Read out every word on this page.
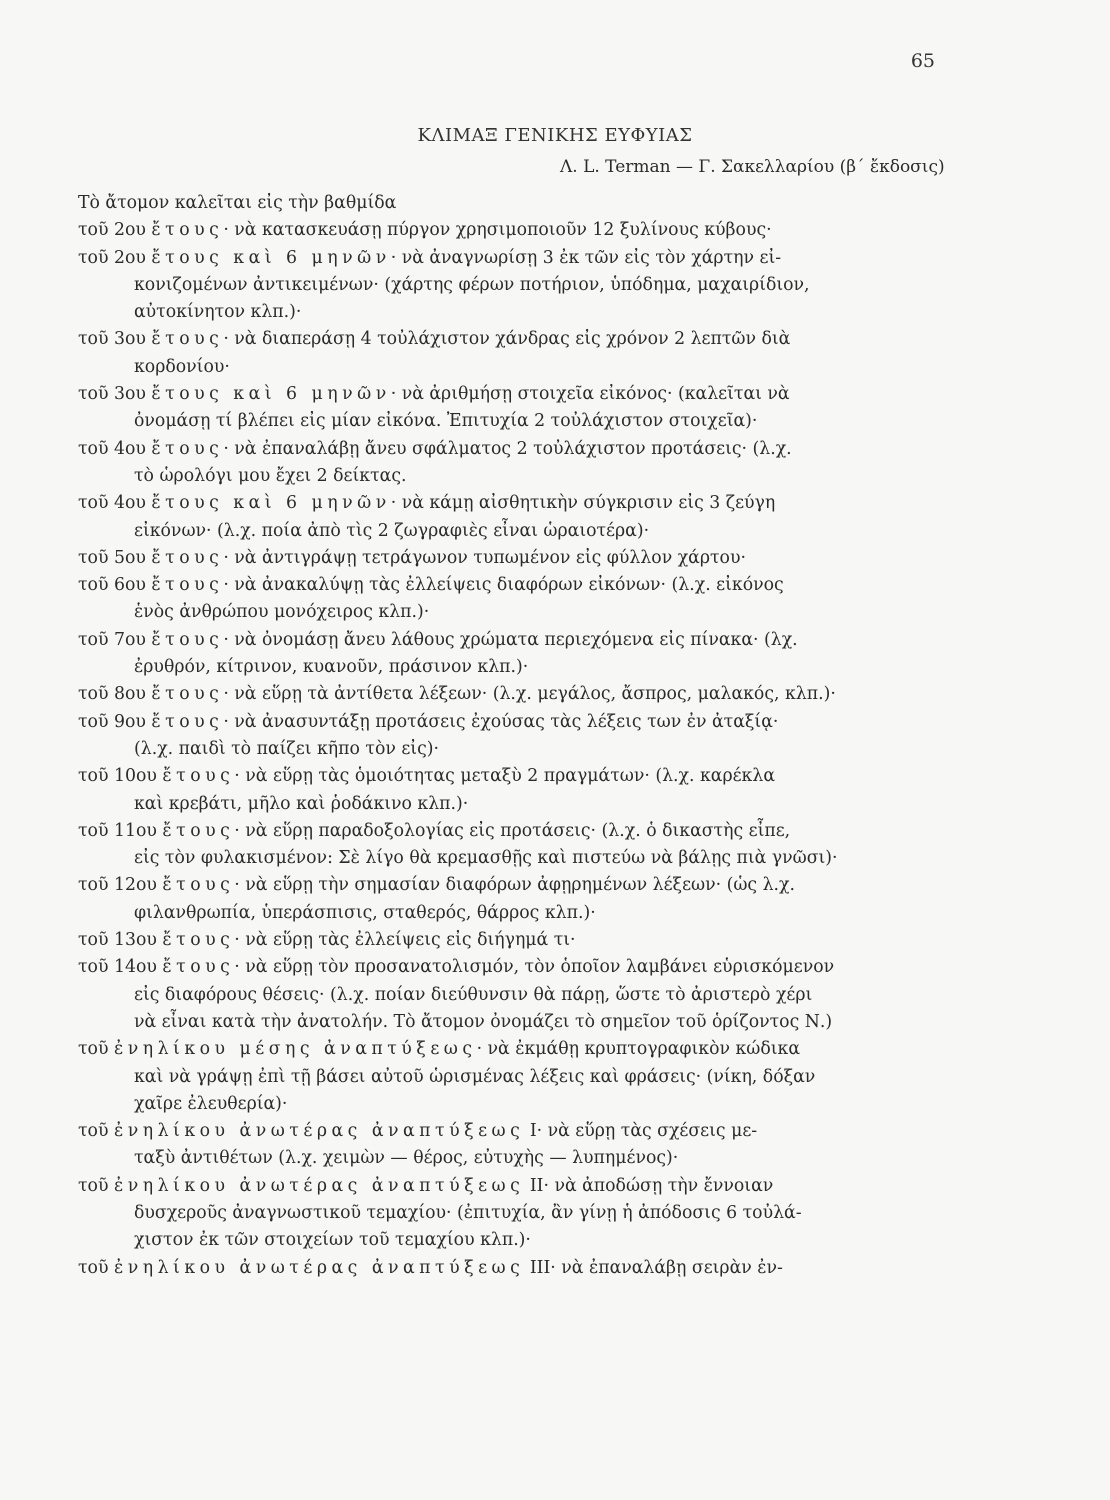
65
ΚΛΙΜΑΞ ΓΕΝΙΚΗΣ ΕΥΦΥΙΑΣ
Λ. L. Terman — Γ. Σακελλαρίου (β΄ ἔκδοσις)
Τὸ ἄτομον καλεῖται εἰς τὴν βαθμίδα
τοῦ 2ου ἔτους· νὰ κατασκευάσῃ πύργον χρησιμοποιοῦν 12 ξυλίνους κύβους·
τοῦ 2ου ἔτους καὶ 6 μηνῶν· νὰ ἀναγνωρίσῃ 3 ἐκ τῶν εἰς τὸν χάρτην εἰ-
κονιζομένων ἀντικειμένων· (χάρτης φέρων ποτήριον, ὑπόδημα, μαχαιρίδιον,
αὐτοκίνητον κλπ.)·
τοῦ 3ου ἔτους· νὰ διαπεράσῃ 4 τοὐλάχιστον χάνδρας εἰς χρόνον 2 λεπτῶν διὰ
κορδονίου·
τοῦ 3ου ἔτους καὶ 6 μηνῶν· νὰ ἀριθμήσῃ στοιχεῖα εἰκόνος· (καλεῖται νὰ
ὀνομάσῃ τί βλέπει εἰς μίαν εἰκόνα. Ἐπιτυχία 2 τοὐλάχιστον στοιχεῖα)·
τοῦ 4ου ἔτους· νὰ ἐπαναλάβῃ ἄνευ σφάλματος 2 τοὐλάχιστον προτάσεις· (λ.χ.
τὸ ὡρολόγι μου ἔχει 2 δείκτας.
τοῦ 4ου ἔτους καὶ 6 μηνῶν· νὰ κάμῃ αἰσθητικὴν σύγκρισιν εἰς 3 ζεύγη
εἰκόνων· (λ.χ. ποία ἀπὸ τὶς 2 ζωγραφιὲς εἶναι ὡραιοτέρα)·
τοῦ 5ου ἔτους· νὰ ἀντιγράψῃ τετράγωνον τυπωμένον εἰς φύλλον χάρτου·
τοῦ 6ου ἔτους· νὰ ἀνακαλύψῃ τὰς ἐλλείψεις διαφόρων εἰκόνων· (λ.χ. εἰκόνος
ἑνὸς ἀνθρώπου μονόχειρος κλπ.)·
τοῦ 7ου ἔτους· νὰ ὀνομάσῃ ἄνευ λάθους χρώματα περιεχόμενα εἰς πίνακα· (λχ.
ἐρυθρόν, κίτρινον, κυανοῦν, πράσινον κλπ.)·
τοῦ 8ου ἔτους· νὰ εὕρῃ τὰ ἀντίθετα λέξεων· (λ.χ. μεγάλος, ἄσπρος, μαλακός, κλπ.)·
τοῦ 9ου ἔτους· νὰ ἀνασυντάξῃ προτάσεις ἐχούσας τὰς λέξεις των ἐν ἀταξίᾳ·
(λ.χ. παιδὶ τὸ παίζει κῆπο τὸν εἰς)·
τοῦ 10ου ἔτους· νὰ εὕρῃ τὰς ὁμοιότητας μεταξὺ 2 πραγμάτων· (λ.χ. καρέκλα
καὶ κρεβάτι, μῆλο καὶ ῥοδάκινο κλπ.)·
τοῦ 11ου ἔτους· νὰ εὕρῃ παραδοξολογίας εἰς προτάσεις· (λ.χ. ὁ δικαστὴς εἶπε,
εἰς τὸν φυλακισμένον: Σὲ λίγο θὰ κρεμασθῇς καὶ πιστεύω νὰ βάλῃς πιὰ γνῶσι)·
τοῦ 12ου ἔτους· νὰ εὕρῃ τὴν σημασίαν διαφόρων ἀφῃρημένων λέξεων· (ὡς λ.χ.
φιλανθρωπία, ὑπεράσπισις, σταθερός, θάρρος κλπ.)·
τοῦ 13ου ἔτους· νὰ εὕρῃ τὰς ἐλλείψεις εἰς διήγημά τι·
τοῦ 14ου ἔτους· νὰ εὕρῃ τὸν προσανατολισμόν, τὸν ὁποῖον λαμβάνει εὑρισκόμενον
εἰς διαφόρους θέσεις· (λ.χ. ποίαν διεύθυνσιν θὰ πάρῃ, ὥστε τὸ ἀριστερὸ χέρι
νὰ εἶναι κατὰ τὴν ἀνατολήν. Τὸ ἄτομον ὀνομάζει τὸ σημεῖον τοῦ ὁρίζοντος Ν.)
τοῦ ἐνηλίκου μέσης ἀναπτύξεως· νὰ ἐκμάθῃ κρυπτογραφικὸν κώδικα
καὶ νὰ γράψῃ ἐπὶ τῇ βάσει αὐτοῦ ὡρισμένας λέξεις καὶ φράσεις· (νίκη, δόξαν
χαῖρε ἐλευθερία)·
τοῦ ἐνηλίκου ἀνωτέρας ἀναπτύξεως Ι· νὰ εὕρῃ τὰς σχέσεις με-
ταξὺ ἀντιθέτων (λ.χ. χειμὼν — θέρος, εὐτυχὴς — λυπημένος)·
τοῦ ἐνηλίκου ἀνωτέρας ἀναπτύξεως ΙΙ· νὰ ἀποδώσῃ τὴν ἔννοιαν
δυσχεροῦς ἀναγνωστικοῦ τεμαχίου· (ἐπιτυχία, ἂν γίνῃ ἡ ἀπόδοσις 6 τοὐλά-
χιστον ἐκ τῶν στοιχείων τοῦ τεμαχίου κλπ.)·
τοῦ ἐνηλίκου ἀνωτέρας ἀναπτύξεως ΙΙΙ· νὰ ἐπαναλάβῃ σειρὰν ἐν-
